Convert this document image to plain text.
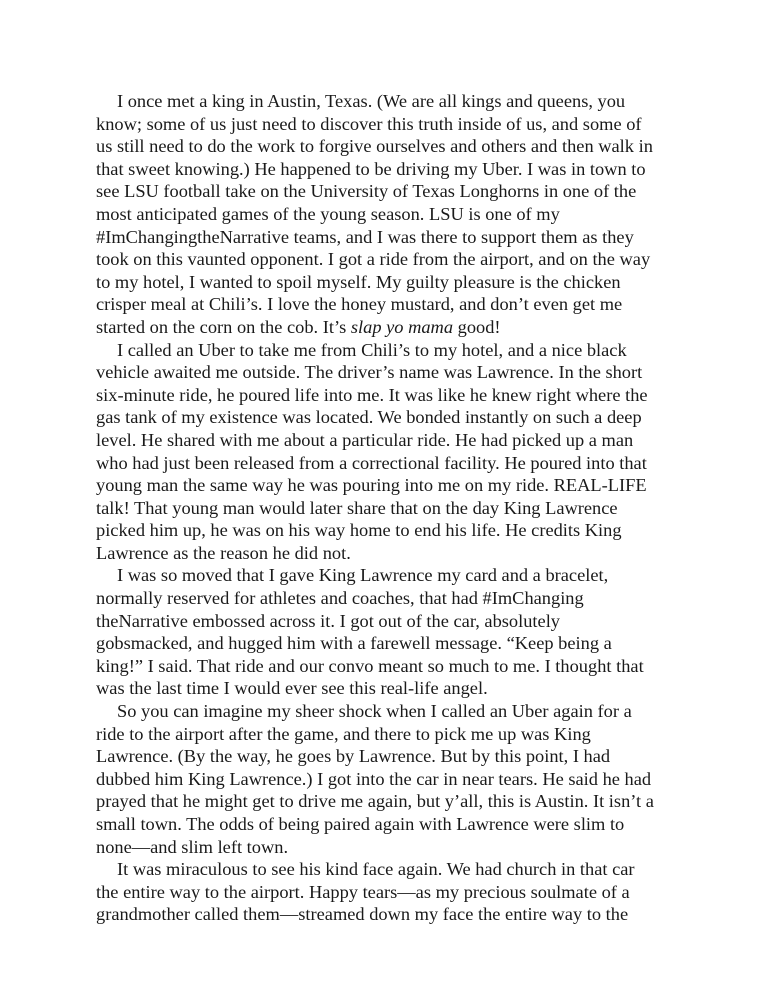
I once met a king in Austin, Texas. (We are all kings and queens, you
know; some of us just need to discover this truth inside of us, and some of
us still need to do the work to forgive ourselves and others and then walk in
that sweet knowing.) He happened to be driving my Uber. I was in town to
see LSU football take on the University of Texas Longhorns in one of the
most anticipated games of the young season. LSU is one of my
#ImChangingtheNarrative teams, and I was there to support them as they
took on this vaunted opponent. I got a ride from the airport, and on the way
to my hotel, I wanted to spoil myself. My guilty pleasure is the chicken
crisper meal at Chili’s. I love the honey mustard, and don’t even get me
started on the corn on the cob. It’s slap yo mama good!
I called an Uber to take me from Chili’s to my hotel, and a nice black
vehicle awaited me outside. The driver’s name was Lawrence. In the short
six-minute ride, he poured life into me. It was like he knew right where the
gas tank of my existence was located. We bonded instantly on such a deep
level. He shared with me about a particular ride. He had picked up a man
who had just been released from a correctional facility. He poured into that
young man the same way he was pouring into me on my ride. REAL-LIFE
talk! That young man would later share that on the day King Lawrence
picked him up, he was on his way home to end his life. He credits King
Lawrence as the reason he did not.
I was so moved that I gave King Lawrence my card and a bracelet,
normally reserved for athletes and coaches, that had #ImChanging
theNarrative embossed across it. I got out of the car, absolutely
gobsmacked, and hugged him with a farewell message. “Keep being a
king!” I said. That ride and our convo meant so much to me. I thought that
was the last time I would ever see this real-life angel.
So you can imagine my sheer shock when I called an Uber again for a
ride to the airport after the game, and there to pick me up was King
Lawrence. (By the way, he goes by Lawrence. But by this point, I had
dubbed him King Lawrence.) I got into the car in near tears. He said he had
prayed that he might get to drive me again, but y’all, this is Austin. It isn’t a
small town. The odds of being paired again with Lawrence were slim to
none—and slim left town.
It was miraculous to see his kind face again. We had church in that car
the entire way to the airport. Happy tears—as my precious soulmate of a
grandmother called them—streamed down my face the entire way to the
